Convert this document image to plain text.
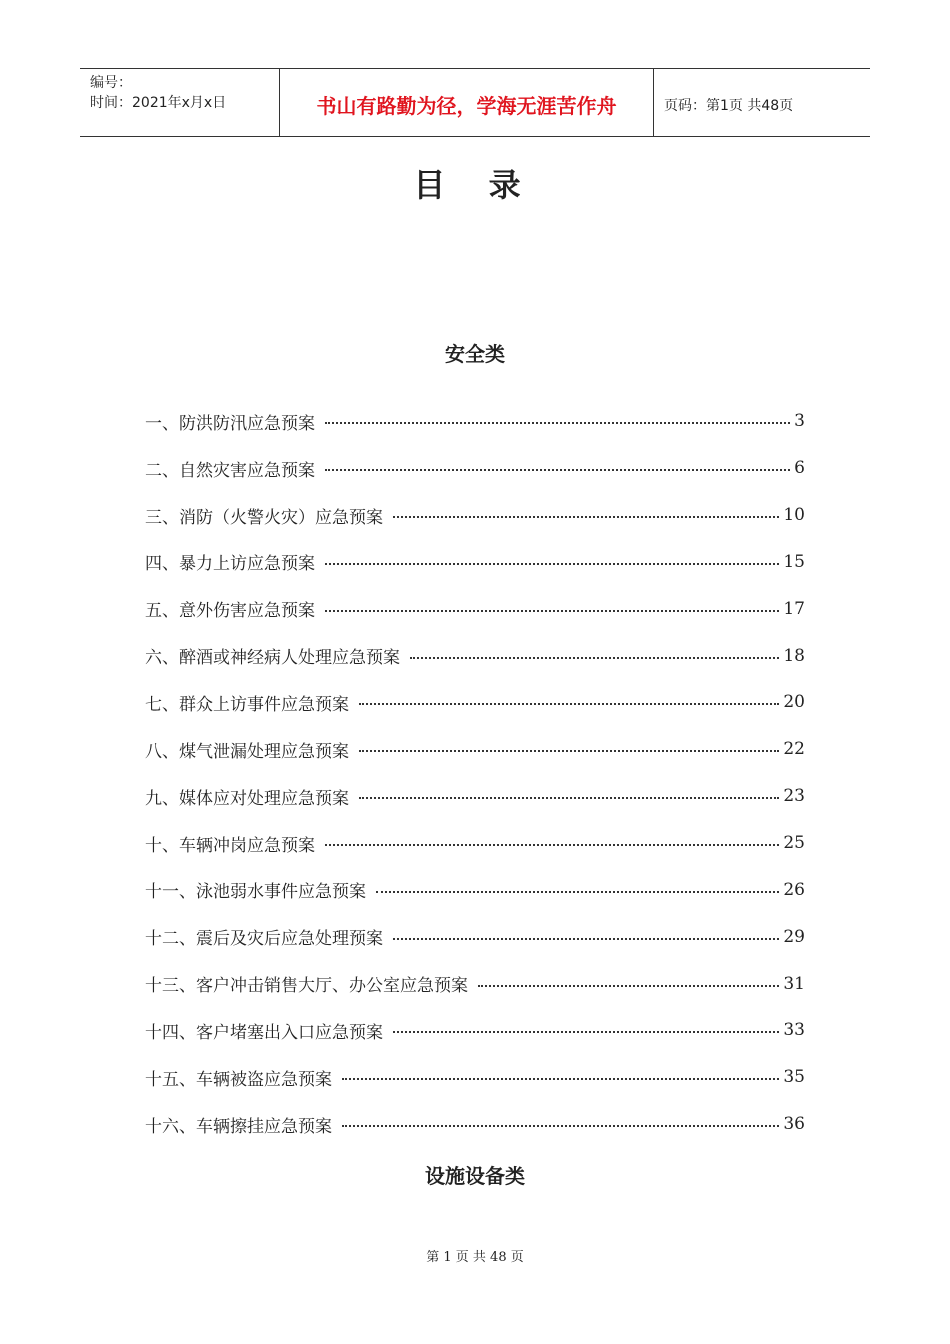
编号：
时间：2021年x月x日	书山有路勤为径，学海无涯苦作舟	页码：第1页 共48页
目 录
安全类
一、防洪防汛应急预案	3
二、自然灾害应急预案	6
三、消防（火警火灾）应急预案	10
四、暴力上访应急预案	15
五、意外伤害应急预案	17
六、醉酒或神经病人处理应急预案	18
七、群众上访事件应急预案	20
八、煤气泄漏处理应急预案	22
九、媒体应对处理应急预案	23
十、车辆冲岗应急预案	25
十一、泳池弱水事件应急预案	26
十二、震后及灾后应急处理预案	29
十三、客户冲击销售大厅、办公室应急预案	31
十四、客户堵塞出入口应急预案	33
十五、车辆被盗应急预案	35
十六、车辆擦挂应急预案	36
设施设备类
第 1 页 共 48 页
